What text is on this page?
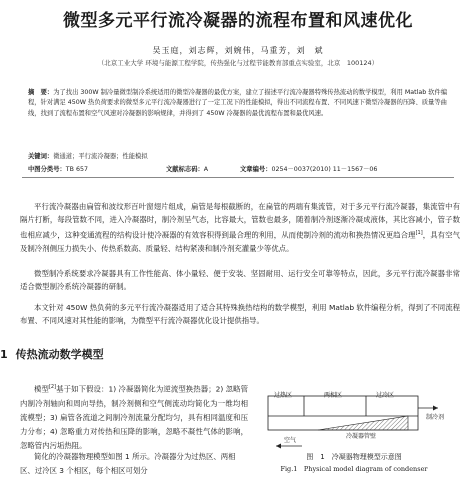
微型多元平行流冷凝器的流程布置和风速优化
吴玉庭，刘志辉，刘婉伟，马重芳，刘　斌
（北京工业大学 环境与能源工程学院，传热强化与过程节能教育部重点实验室，北京　100124）
摘　要：为了找出 300W 制冷量微型制冷系统适用的微型冷凝器的最优方案，建立了描述平行流冷凝器特殊传热流动的数学模型，利用 Matlab 软件编程，针对满足 450W 热负荷要求的微型多元平行流冷凝器进行了一定工况下的性能模拟，得出不同流程布置、不同风速下微型冷凝器的压降、质量等曲线，找到了流程布置和空气风速对冷凝器的影响规律，并得到了 450W 冷凝器的最优流程布置和最优风速。
关键词：微通道；平行流冷凝器；性能模拟
中图分类号：TB 657	文献标志码：A	文章编号：0254－0037(2010) 11－1567－06
平行流冷凝器由扁管和波纹形百叶窗翅片组成，扁管是每根截断的，在扁管的两端有集流管，对于多元平行流冷凝器，集流管中有隔片打断，每段管数不同，进入冷凝器时，制冷剂呈气态，比容最大，管数也最多，随着制冷剂逐渐冷凝成液体，其比容减小，管子数也相应减少，这种变通流程的结构设计使冷凝器的有效容积得到最合理的利用，从而使制冷剂的流动和换热情况更趋合理[1]，具有空气及制冷剂侧压力损失小、传热系数高、质量轻、结构紧凑和制冷剂充灌量少等优点。
微型制冷系统要求冷凝器具有工作性能高、体小量轻、便于安装、坚固耐用、运行安全可靠等特点，因此，多元平行流冷凝器非常适合微型制冷系统冷凝器的研制。
本文针对 450W 热负荷的多元平行流冷凝器适用了适合其特殊换热结构的数学模型，利用 Matlab 软件编程分析，得到了不同流程布置、不同风速对其性能的影响，为微型平行流冷凝器优化设计提供指导。
1 传热流动数学模型
模型[2]基于如下假设：1) 冷凝器简化为逆流型换热器；2) 忽略管内制冷剂轴向和周向导热，制冷剂侧和空气侧流动均简化为一维均相流模型；3) 扁管各流道之间制冷剂流量分配均匀，具有相同温度和压力分布；4) 忽略重力对传热和压降的影响，忽略不凝性气体的影响，忽略管内污垢热阻。
简化的冷凝器物理模型如图 1 所示。冷凝器分为过热区、两相区、过冷区 3 个相区，每个相区可划分
过热区	两相区	过冷区
制冷剂
冷凝器管壁
空气
图　1　冷凝器物理模型示意图
Fig.1　Physical model diagram of condenser
